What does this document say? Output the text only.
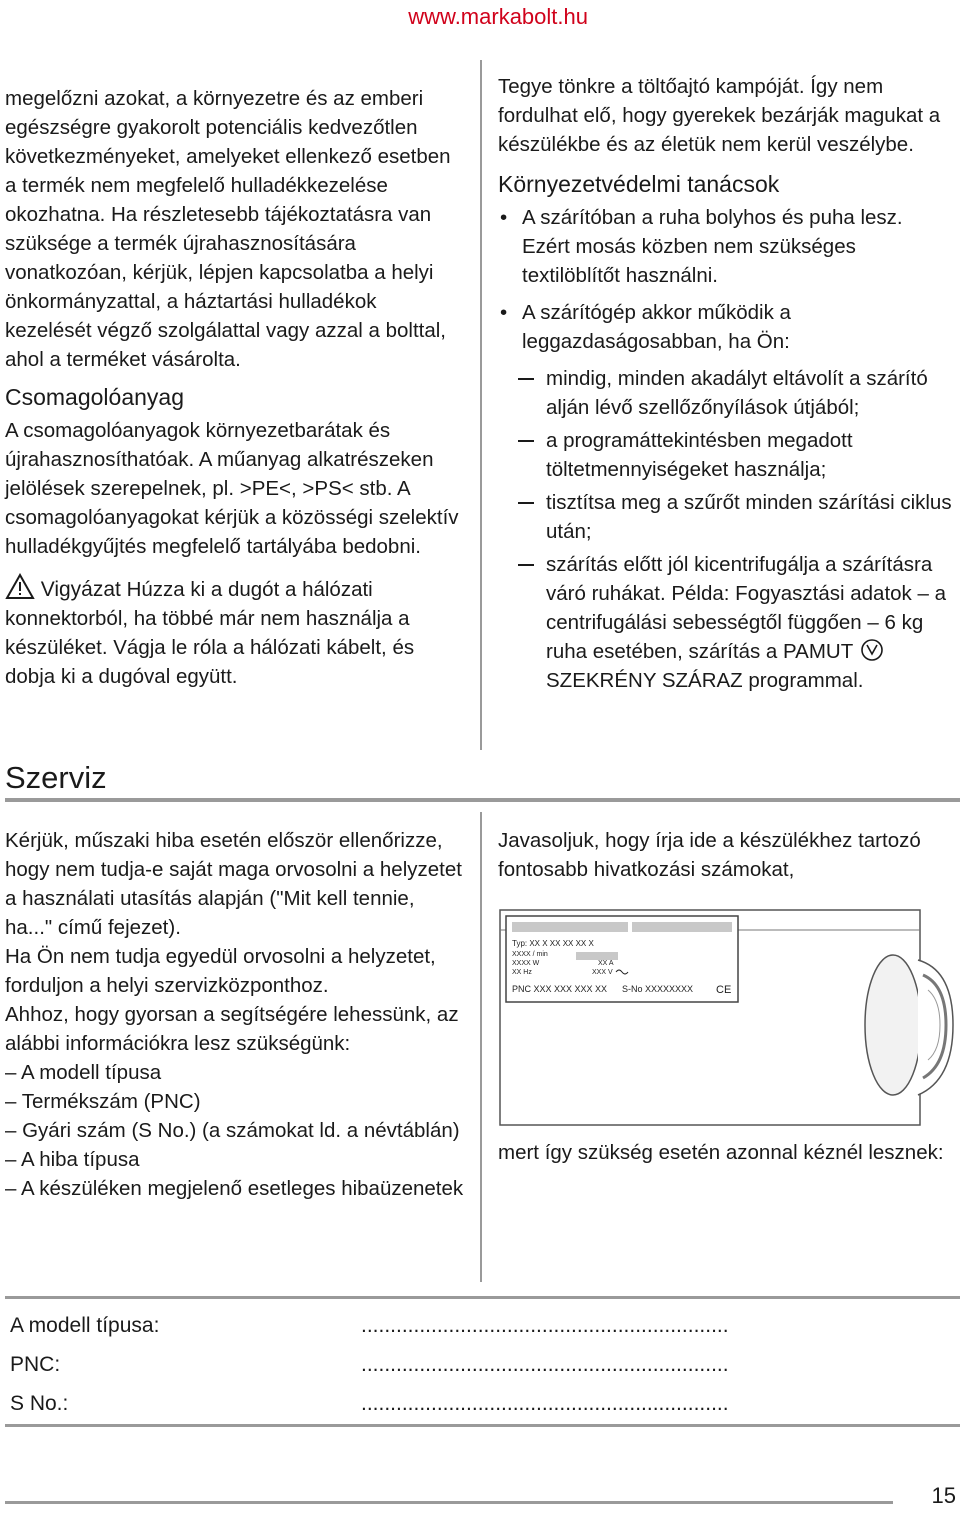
www.markabolt.hu

megelőzni azokat, a környezetre és az emberi egészségre gyakorolt potenciális kedvezőtlen következményeket, amelyeket ellenkező esetben a termék nem megfelelő hulladékkezelése okozhatna. Ha részletesebb tájékoztatásra van szüksége a termék újrahasznosítására vonatkozóan, kérjük, lépjen kapcsolatba a helyi önkormányzattal, a háztartási hulladékok kezelését végző szolgálattal vagy azzal a bolttal, ahol a terméket vásárolta.

Csomagolóanyag

A csomagolóanyagok környezetbarátak és újrahasznosíthatóak. A műanyag alkatrészeken jelölések szerepelnek, pl. >PE<, >PS< stb. A csomagolóanyagokat kérjük a közösségi szelektív hulladékgyűjtés megfelelő tartályába bedobni.

Vigyázat Húzza ki a dugót a hálózati konnektorból, ha többé már nem használja a készüléket. Vágja le róla a hálózati kábelt, és dobja ki a dugóval együtt.

Tegye tönkre a töltőajtó kampóját. Így nem fordulhat elő, hogy gyerekek bezárják magukat a készülékbe és az életük nem kerül veszélybe.

Környezetvédelmi tanácsok
• A szárítóban a ruha bolyhos és puha lesz. Ezért mosás közben nem szükséges textilöblítőt használni.
• A szárítógép akkor működik a leggazdaságosabban, ha Ön:
mindig, minden akadályt eltávolít a szárító alján lévő szellőzőnyílások útjából;
a programáttekintésben megadott töltetmennyiségeket használja;
tisztítsa meg a szűrőt minden szárítási ciklus után;
szárítás előtt jól kicentrifugálja a szárításra váró ruhákat. Példa: Fogyasztási adatok – a centrifugálási sebességtől függően – 6 kg ruha esetében, szárítás a PAMUT  SZEKRÉNY SZÁRAZ programmal.
Szerviz

Kérjük, műszaki hiba esetén először ellenőrizze, hogy nem tudja-e saját maga orvosolni a helyzetet a használati utasítás alapján ("Mit kell tennie, ha..." című fejezet).

Ha Ön nem tudja egyedül orvosolni a helyzetet, forduljon a helyi szervizközponthoz.

Ahhoz, hogy gyorsan a segítségére lehessünk, az alábbi információkra lesz szükségünk:

– A modell típusa

– Termékszám (PNC)

– Gyári szám (S No.) (a számokat ld. a névtáblán)

– A hiba típusa

– A készüléken megjelenő esetleges hibaüzenetek

Javasoljuk, hogy írja ide a készülékhez tartozó fontosabb hivatkozási számokat,

Typ: XX X XX XX XX X
XXXX / min
XXXX W	XX A
XX Hz	XXX V
PNC XXX XXX XXX XX S-No XXXXXXXX CE

mert így szükség esetén azonnal kéznél lesznek:

A modell típusa:	...............................................................
PNC:	...............................................................
S No.:	...............................................................
15
